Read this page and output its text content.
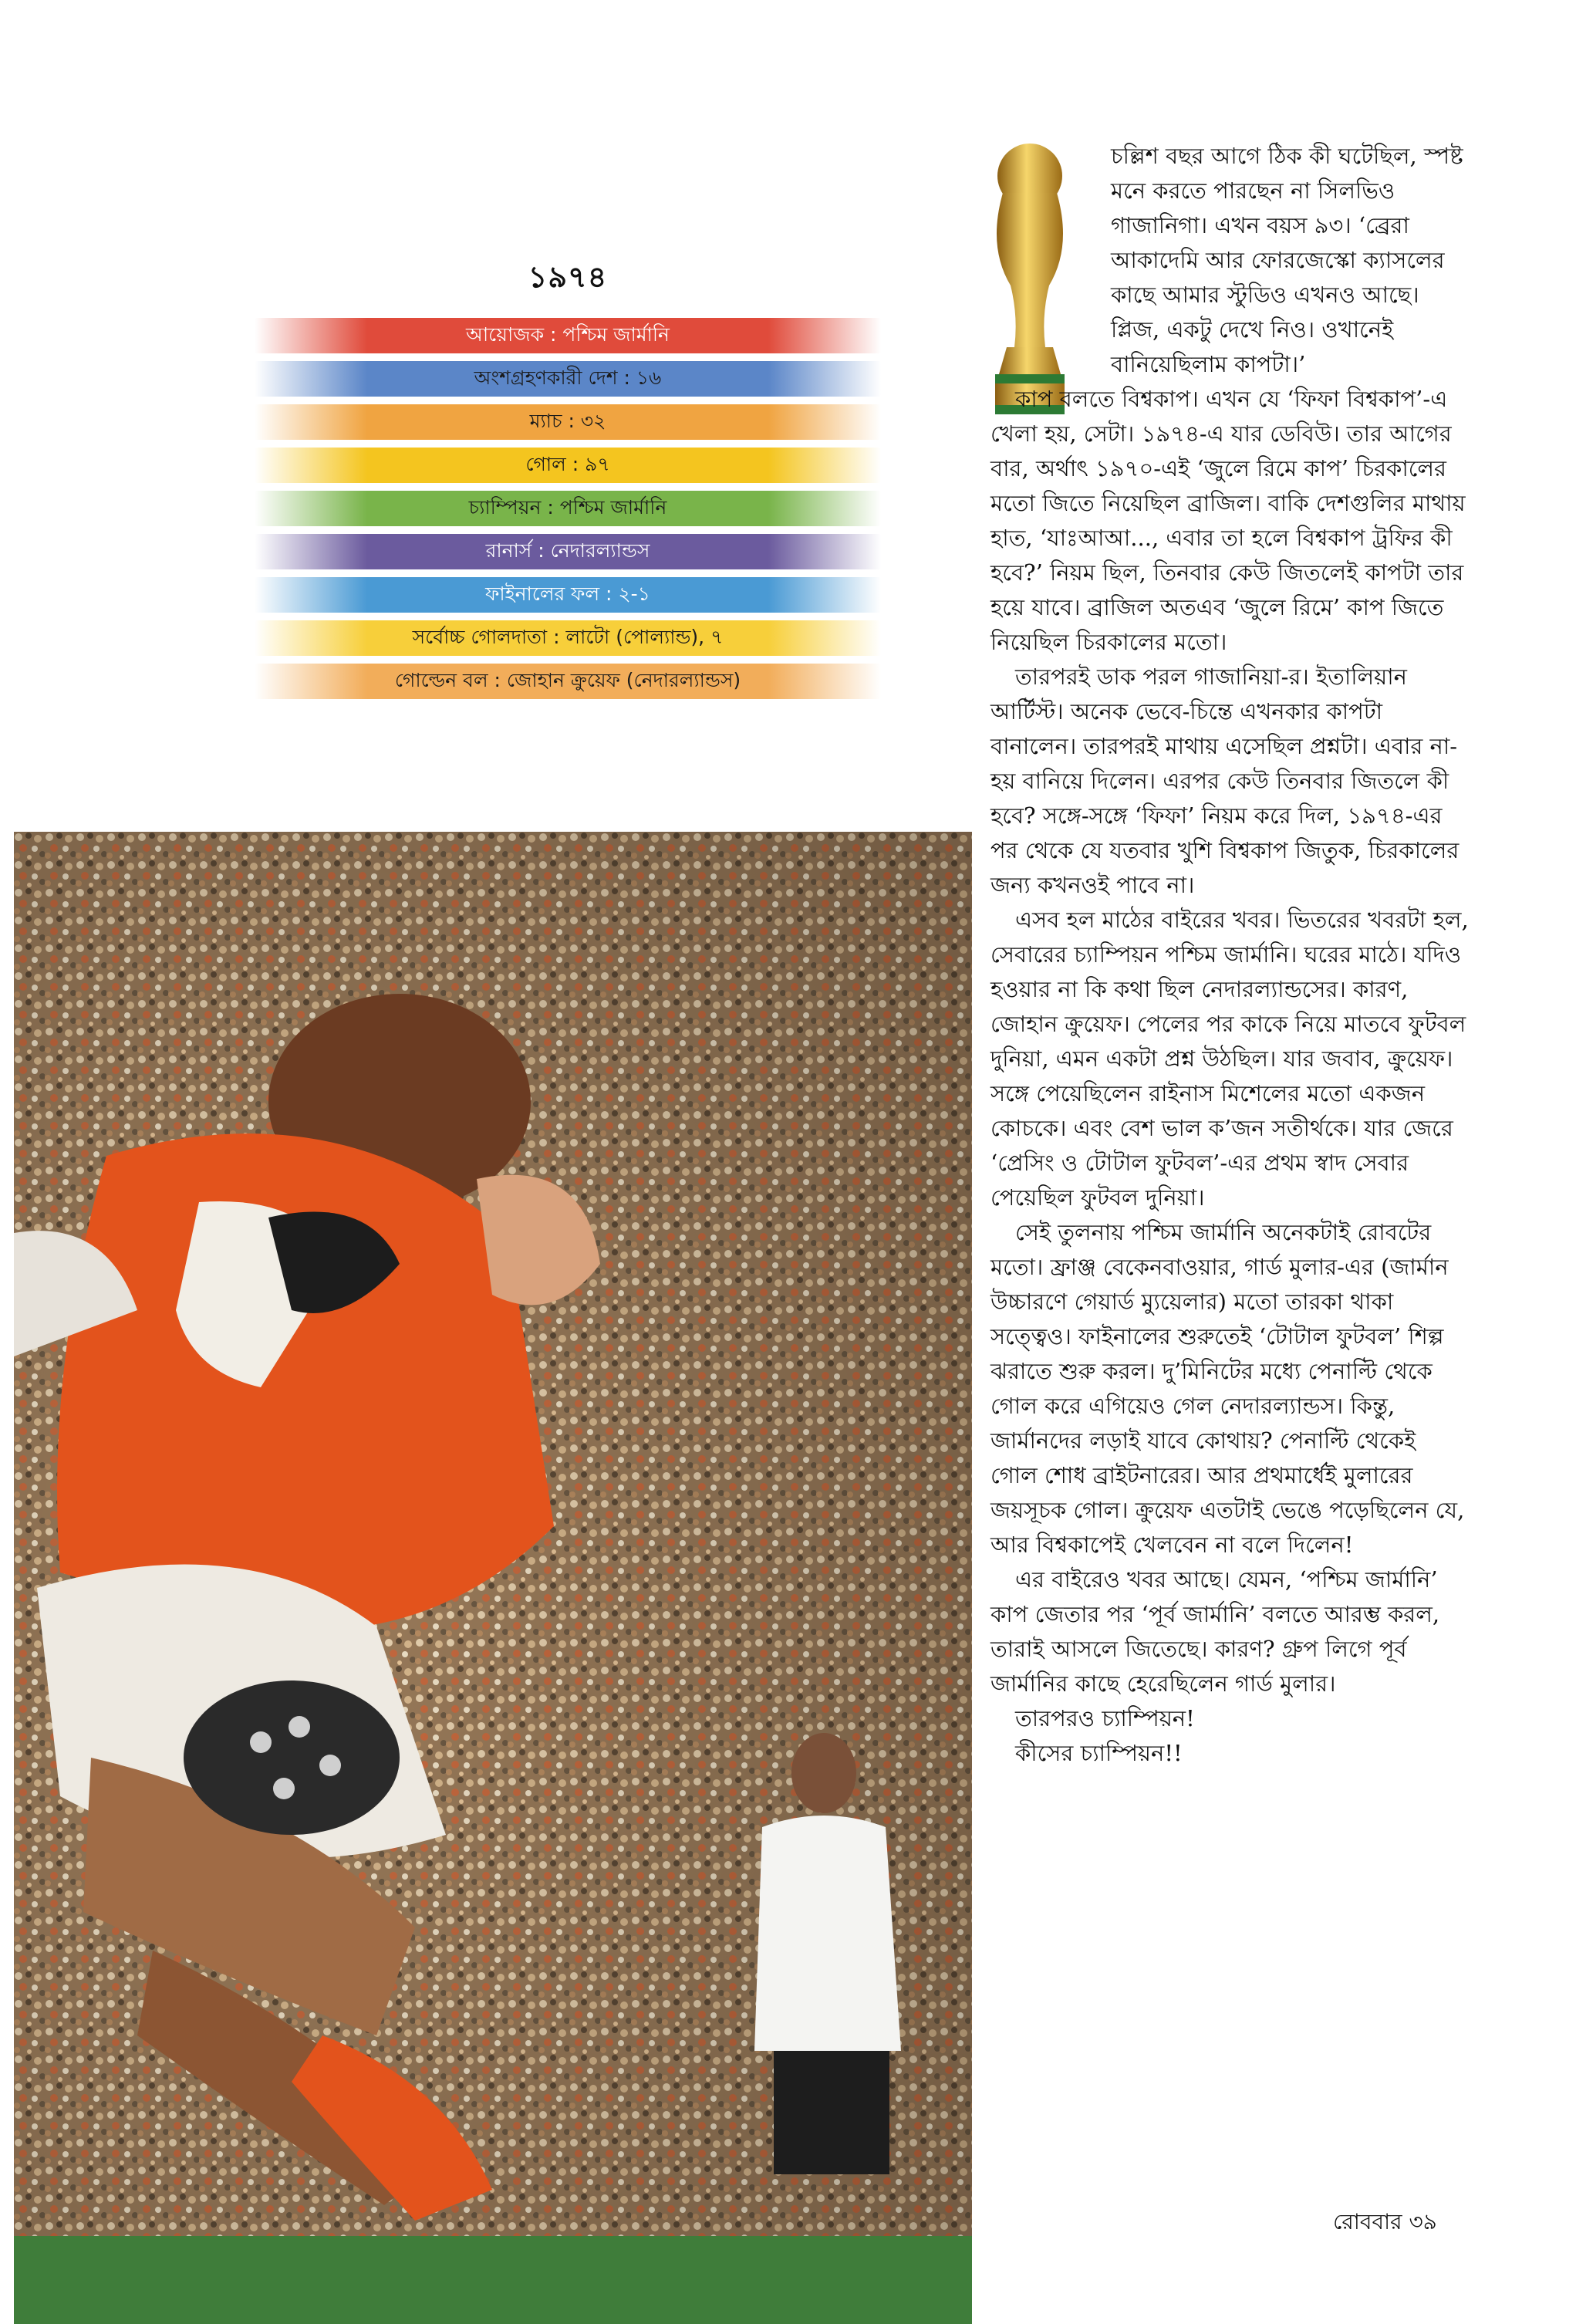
১৯৭৪
আয়োজক : পশ্চিম জার্মানি
অংশগ্রহণকারী দেশ : ১৬
ম্যাচ : ৩২
গোল : ৯৭
চ্যাম্পিয়ন : পশ্চিম জার্মানি
রানার্স : নেদারল্যান্ডস
ফাইনালের ফল : ২-১
সর্বোচ্চ গোলদাতা : লাটো (পোল্যান্ড), ৭
গোল্ডেন বল : জোহান ক্রুয়েফ (নেদারল্যান্ডস)

চল্লিশ বছর আগে ঠিক কী ঘটেছিল, স্পষ্ট মনে করতে পারছেন না সিলভিও গাজানিগা। এখন বয়স ৯৩। ‘ব্রেরা আকাদেমি আর ফোরজেস্কো ক্যাসলের কাছে আমার স্টুডিও এখনও আছে। প্লিজ, একটু দেখে নিও। ওখানেই বানিয়েছিলাম কাপটা।’

কাপ বলতে বিশ্বকাপ। এখন যে ‘ফিফা বিশ্বকাপ’-এ খেলা হয়, সেটা। ১৯৭৪-এ যার ডেবিউ। তার আগের বার, অর্থাৎ ১৯৭০-এই ‘জুলে রিমে কাপ’ চিরকালের মতো জিতে নিয়েছিল ব্রাজিল। বাকি দেশগুলির মাথায় হাত, ‘যাঃআআ..., এবার তা হলে বিশ্বকাপ ট্রফির কী হবে?’ নিয়ম ছিল, তিনবার কেউ জিতলেই কাপটা তার হয়ে যাবে। ব্রাজিল অতএব ‘জুলে রিমে’ কাপ জিতে নিয়েছিল চিরকালের মতো।

তারপরই ডাক পরল গাজানিয়া-র। ইতালিয়ান আর্টিস্ট। অনেক ভেবে-চিন্তে এখনকার কাপটা বানালেন। তারপরই মাথায় এসেছিল প্রশ্নটা। এবার না-হয় বানিয়ে দিলেন। এরপর কেউ তিনবার জিতলে কী হবে? সঙ্গে-সঙ্গে ‘ফিফা’ নিয়ম করে দিল, ১৯৭৪-এর পর থেকে যে যতবার খুশি বিশ্বকাপ জিতুক, চিরকালের জন্য কখনওই পাবে না।

এসব হল মাঠের বাইরের খবর। ভিতরের খবরটা হল, সেবারের চ্যাম্পিয়ন পশ্চিম জার্মানি। ঘরের মাঠে। যদিও হওয়ার না কি কথা ছিল নেদারল্যান্ডসের। কারণ, জোহান ক্রুয়েফ। পেলের পর কাকে নিয়ে মাতবে ফুটবল দুনিয়া, এমন একটা প্রশ্ন উঠছিল। যার জবাব, ক্রুয়েফ। সঙ্গে পেয়েছিলেন রাইনাস মিশেলের মতো একজন কোচকে। এবং বেশ ভাল ক’জন সতীর্থকে। যার জেরে ‘প্রেসিং ও টোটাল ফুটবল’-এর প্রথম স্বাদ সেবার পেয়েছিল ফুটবল দুনিয়া।

সেই তুলনায় পশ্চিম জার্মানি অনেকটাই রোবটের মতো। ফ্রাঞ্জ বেকেনবাওয়ার, গার্ড মুলার-এর (জার্মান উচ্চারণে গেয়ার্ড ম্যুয়েলার) মতো তারকা থাকা সত্ত্বেও। ফাইনালের শুরুতেই ‘টোটাল ফুটবল’ শিল্প ঝরাতে শুরু করল। দু’মিনিটের মধ্যে পেনাল্টি থেকে গোল করে এগিয়েও গেল নেদারল্যান্ডস। কিন্তু, জার্মানদের লড়াই যাবে কোথায়? পেনাল্টি থেকেই গোল শোধ ব্রাইটনারের। আর প্রথমার্ধেই মুলারের জয়সূচক গোল। ক্রুয়েফ এতটাই ভেঙে পড়েছিলেন যে, আর বিশ্বকাপেই খেলবেন না বলে দিলেন!

এর বাইরেও খবর আছে। যেমন, ‘পশ্চিম জার্মানি’ কাপ জেতার পর ‘পূর্ব জার্মানি’ বলতে আরম্ভ করল, তারাই আসলে জিতেছে। কারণ? গ্রুপ লিগে পূর্ব জার্মানির কাছে হেরেছিলেন গার্ড মুলার।

তারপরও চ্যাম্পিয়ন!

কীসের চ্যাম্পিয়ন!!

রোববার ৩৯
